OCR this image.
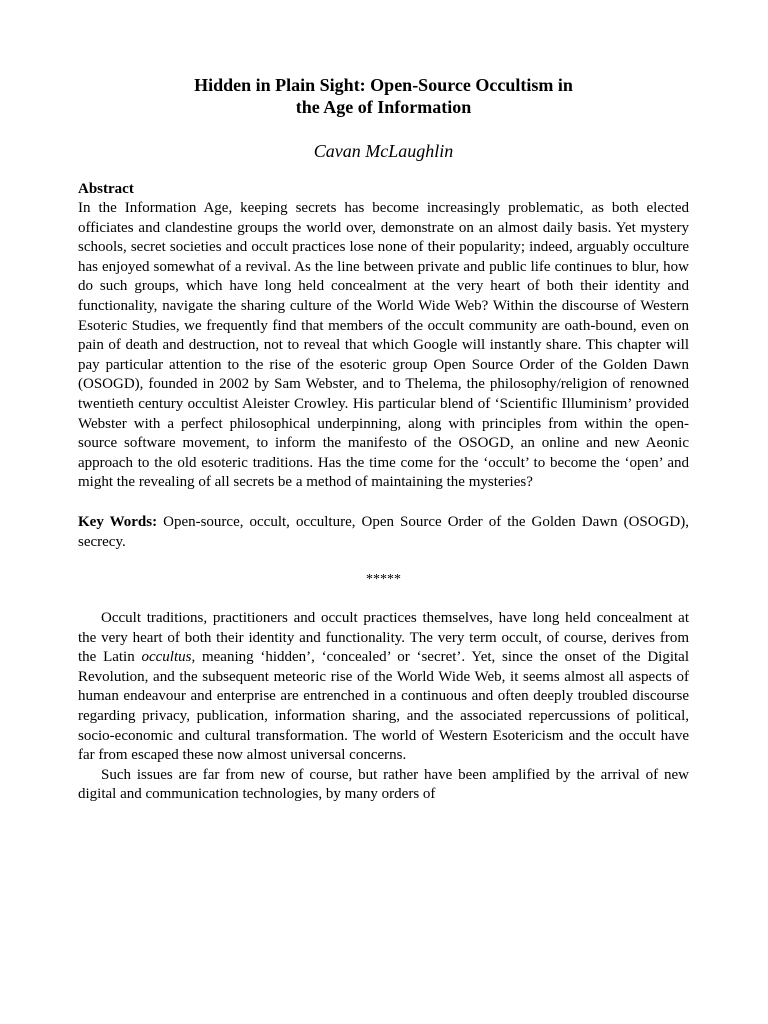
Hidden in Plain Sight: Open-Source Occultism in
the Age of Information

Cavan McLaughlin

Abstract

In the Information Age, keeping secrets has become increasingly problematic, as both elected officiates and clandestine groups the world over, demonstrate on an almost daily basis. Yet mystery schools, secret societies and occult practices lose none of their popularity; indeed, arguably occulture has enjoyed somewhat of a revival. As the line between private and public life continues to blur, how do such groups, which have long held concealment at the very heart of both their identity and functionality, navigate the sharing culture of the World Wide Web? Within the discourse of Western Esoteric Studies, we frequently find that members of the occult community are oath-bound, even on pain of death and destruction, not to reveal that which Google will instantly share. This chapter will pay particular attention to the rise of the esoteric group Open Source Order of the Golden Dawn (OSOGD), founded in 2002 by Sam Webster, and to Thelema, the philosophy/religion of renowned twentieth century occultist Aleister Crowley. His particular blend of ‘Scientific Illuminism’ provided Webster with a perfect philosophical underpinning, along with principles from within the open-source software movement, to inform the manifesto of the OSOGD, an online and new Aeonic approach to the old esoteric traditions. Has the time come for the ‘occult’ to become the ‘open’ and might the revealing of all secrets be a method of maintaining the mysteries?

Key Words: Open-source, occult, occulture, Open Source Order of the Golden Dawn (OSOGD), secrecy.

*****

Occult traditions, practitioners and occult practices themselves, have long held concealment at the very heart of both their identity and functionality. The very term occult, of course, derives from the Latin occultus, meaning ‘hidden’, ‘concealed’ or ‘secret’. Yet, since the onset of the Digital Revolution, and the subsequent meteoric rise of the World Wide Web, it seems almost all aspects of human endeavour and enterprise are entrenched in a continuous and often deeply troubled discourse regarding privacy, publication, information sharing, and the associated repercussions of political, socio-economic and cultural transformation. The world of Western Esotericism and the occult have far from escaped these now almost universal concerns.

Such issues are far from new of course, but rather have been amplified by the arrival of new digital and communication technologies, by many orders of
